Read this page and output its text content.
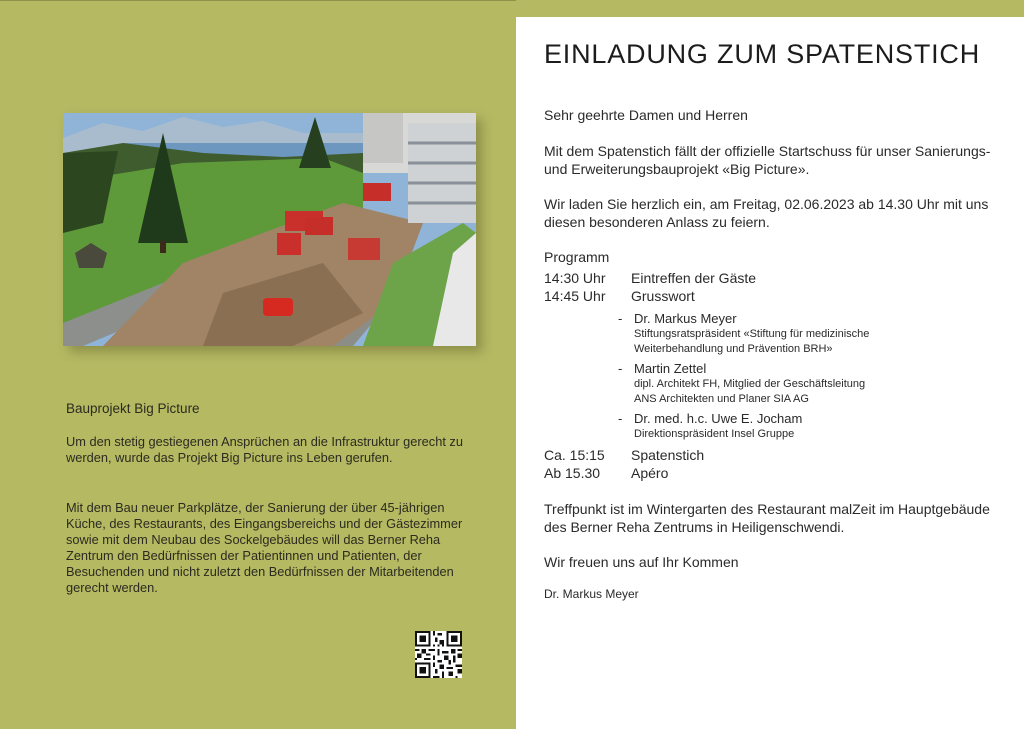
Bauprojekt Big Picture
Um den stetig gestiegenen Ansprüchen an die Infrastruktur gerecht zu werden, wurde das Projekt Big Picture ins Leben gerufen.
Mit dem Bau neuer Parkplätze, der Sanierung der über 45-jährigen Küche, des Restaurants, des Eingangsbereichs und der Gästezimmer sowie mit dem Neubau des Sockelgebäudes will das Berner Reha Zentrum den Bedürfnissen der Patientinnen und Patienten, der Besuchenden und nicht zuletzt den Bedürfnissen der Mitarbeitenden gerecht werden.
EINLADUNG ZUM SPATENSTICH
Sehr geehrte Damen und Herren
Mit dem Spatenstich fällt der offizielle Startschuss für unser Sanierungs- und Erweiterungsbauprojekt «Big Picture».
Wir laden Sie herzlich ein, am Freitag, 02.06.2023 ab 14.30 Uhr mit uns diesen besonderen Anlass zu feiern.
Programm
14:30 Uhr Eintreffen der Gäste
14:45 Uhr Grusswort
- Dr. Markus Meyer
Stiftungsratspräsident «Stiftung für medizinische
Weiterbehandlung und Prävention BRH»
- Martin Zettel
dipl. Architekt FH, Mitglied der Geschäftsleitung
ANS Architekten und Planer SIA AG
- Dr. med. h.c. Uwe E. Jocham
Direktionspräsident Insel Gruppe
Ca. 15:15 Spatenstich
Ab 15.30 Apéro
Treffpunkt ist im Wintergarten des Restaurant malZeit im Hauptgebäude des Berner Reha Zentrums in Heiligenschwendi.
Wir freuen uns auf Ihr Kommen
Dr. Markus Meyer
